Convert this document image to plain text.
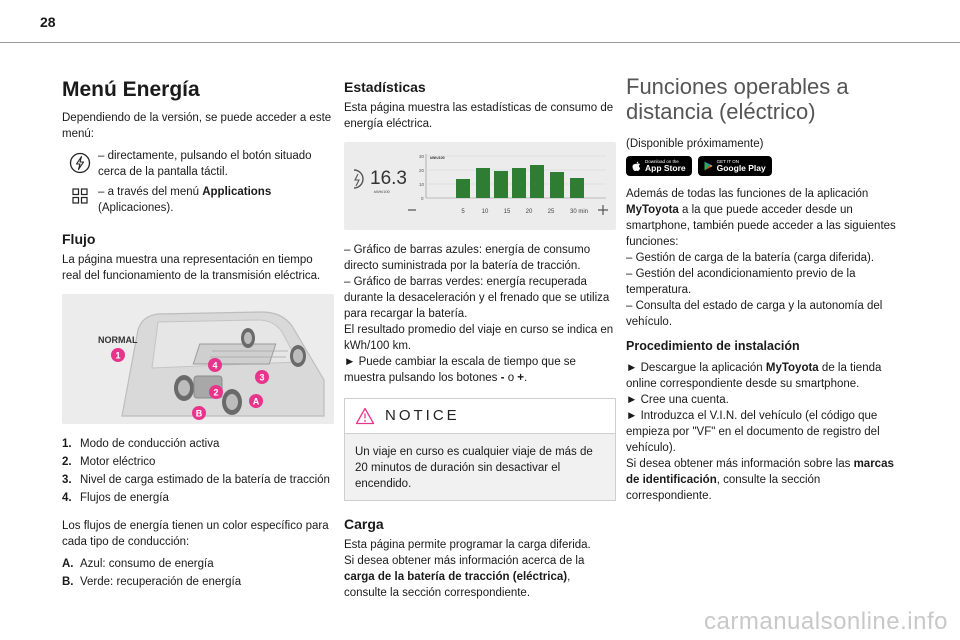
28
Menú Energía

Dependiendo de la versión, se puede acceder a este menú:

– directamente, pulsando el botón situado cerca de la pantalla táctil.
– a través del menú Applications (Aplicaciones).
Flujo

La página muestra una representación en tiempo real del funcionamiento de la transmisión eléctrica.

NORMAL
1
2
3
4
A
B
1. Modo de conducción activa
2. Motor eléctrico
3. Nivel de carga estimado de la batería de tracción
4. Flujos de energía

Los flujos de energía tienen un color específico para cada tipo de conducción:

A. Azul: consumo de energía
B. Verde: recuperación de energía
Estadísticas

Esta página muestra las estadísticas de consumo de energía eléctrica.

16.3
kWh/100
30
20
10
0
kWh/100
5	10	15	20	25	30 min

– Gráfico de barras azules: energía de consumo directo suministrada por la batería de tracción.

– Gráfico de barras verdes: energía recuperada durante la desaceleración y el frenado que se utiliza para recargar la batería.

El resultado promedio del viaje en curso se indica en kWh/100 km.

► Puede cambiar la escala de tiempo que se muestra pulsando los botones - o +.

NOTICE
Un viaje en curso es cualquier viaje de más de 20 minutos de duración sin desactivar el encendido.
Carga

Esta página permite programar la carga diferida.

Si desea obtener más información acerca de la carga de la batería de tracción (eléctrica), consulte la sección correspondiente.

Funciones operables a
distancia (eléctrico)

(Disponible próximamente)

Download on the
App Store
GET IT ON
Google Play

Además de todas las funciones de la aplicación MyToyota a la que puede acceder desde un smartphone, también puede acceder a las siguientes funciones:

– Gestión de carga de la batería (carga diferida).

– Gestión del acondicionamiento previo de la temperatura.

– Consulta del estado de carga y la autonomía del vehículo.

Procedimiento de instalación

► Descargue la aplicación MyToyota de la tienda online correspondiente desde su smartphone.

► Cree una cuenta.

► Introduzca el V.I.N. del vehículo (el código que empieza por "VF" en el documento de registro del vehículo).

Si desea obtener más información sobre las marcas de identificación, consulte la sección correspondiente.

carmanualsonline.info
